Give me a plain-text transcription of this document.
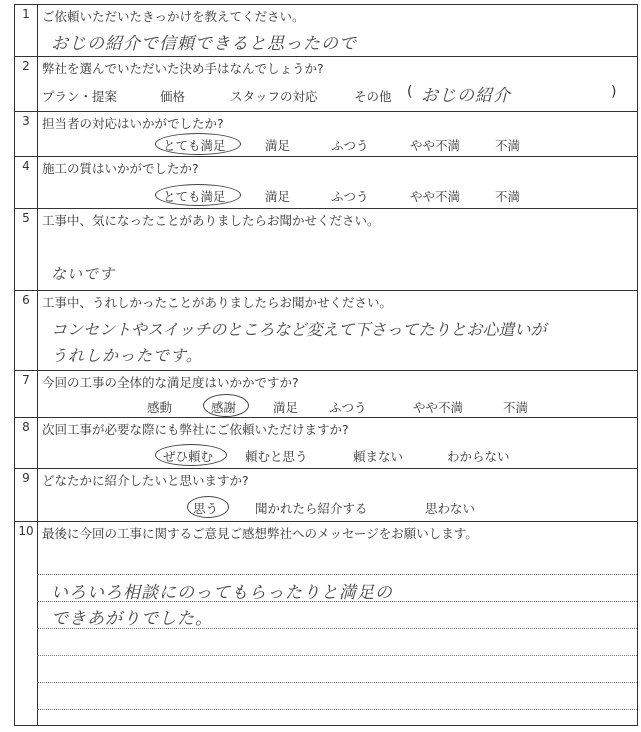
1 ご依頼いただいたきっかけを教えてください。
おじの紹介で信頼できると思ったので
2 弊社を選んでいただいた決め手はなんでしょうか?
プラン・提案	価格	スタッフの対応	その他 ( おじの紹介	)
3 担当者の対応はいかがでしたか?
とても満足	満足	ふつう	やや不満	不満
4 施工の質はいかがでしたか?
とても満足	満足	ふつう	やや不満	不満
5 工事中、気になったことがありましたらお聞かせください。
ないです
6 工事中、うれしかったことがありましたらお聞かせください。
コンセントやスイッチのところなど変えて下さってたりとお心遣いが
うれしかったです。
7 今回の工事の全体的な満足度はいかかですか?
感動	感謝	満足 ふつう	やや不満	不満
8 次回工事が必要な際にも弊社にご依頼いただけますか?
ぜひ頼む	頼むと思う	頼まない	わからない
9 どなたかに紹介したいと思いますか?
思う	聞かれたら紹介する	思わない
10 最後に今回の工事に関するご意見ご感想弊社へのメッセージをお願いします。
いろいろ相談にのってもらったりと満足の
できあがりでした。
